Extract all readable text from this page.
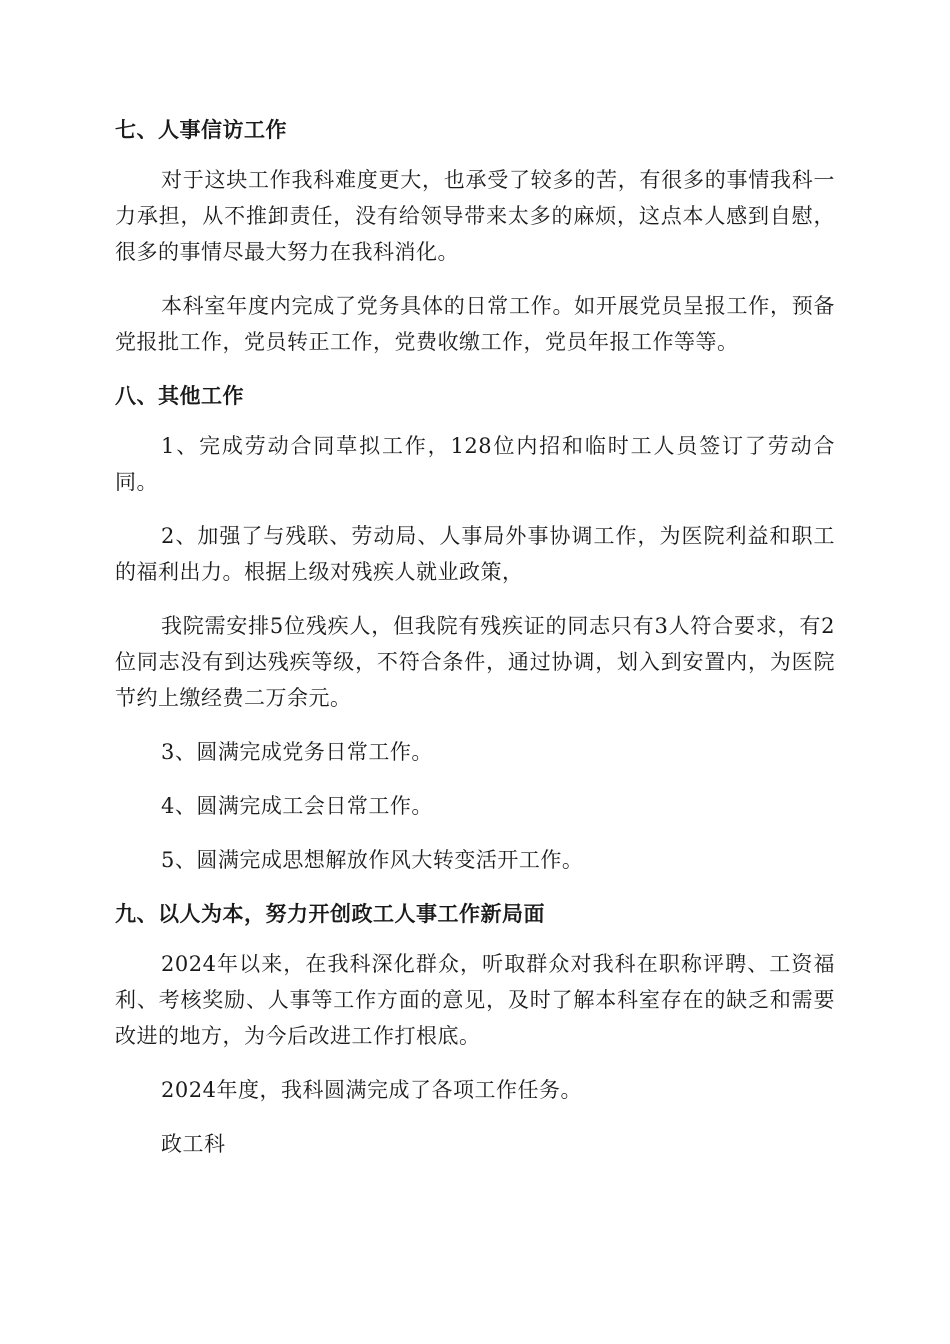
七、人事信访工作

对于这块工作我科难度更大，也承受了较多的苦，有很多的事情我科一力承担，从不推卸责任，没有给领导带来太多的麻烦，这点本人感到自慰，很多的事情尽最大努力在我科消化。

本科室年度内完成了党务具体的日常工作。如开展党员呈报工作，预备党报批工作，党员转正工作，党费收缴工作，党员年报工作等等。

八、其他工作

1、完成劳动合同草拟工作，128位内招和临时工人员签订了劳动合同。

2、加强了与残联、劳动局、人事局外事协调工作，为医院利益和职工的福利出力。根据上级对残疾人就业政策，

我院需安排5位残疾人，但我院有残疾证的同志只有3人符合要求，有2位同志没有到达残疾等级，不符合条件，通过协调，划入到安置内，为医院节约上缴经费二万余元。

3、圆满完成党务日常工作。

4、圆满完成工会日常工作。

5、圆满完成思想解放作风大转变活开工作。

九、以人为本，努力开创政工人事工作新局面

2024年以来，在我科深化群众，听取群众对我科在职称评聘、工资福利、考核奖励、人事等工作方面的意见，及时了解本科室存在的缺乏和需要改进的地方，为今后改进工作打根底。

2024年度，我科圆满完成了各项工作任务。

政工科
